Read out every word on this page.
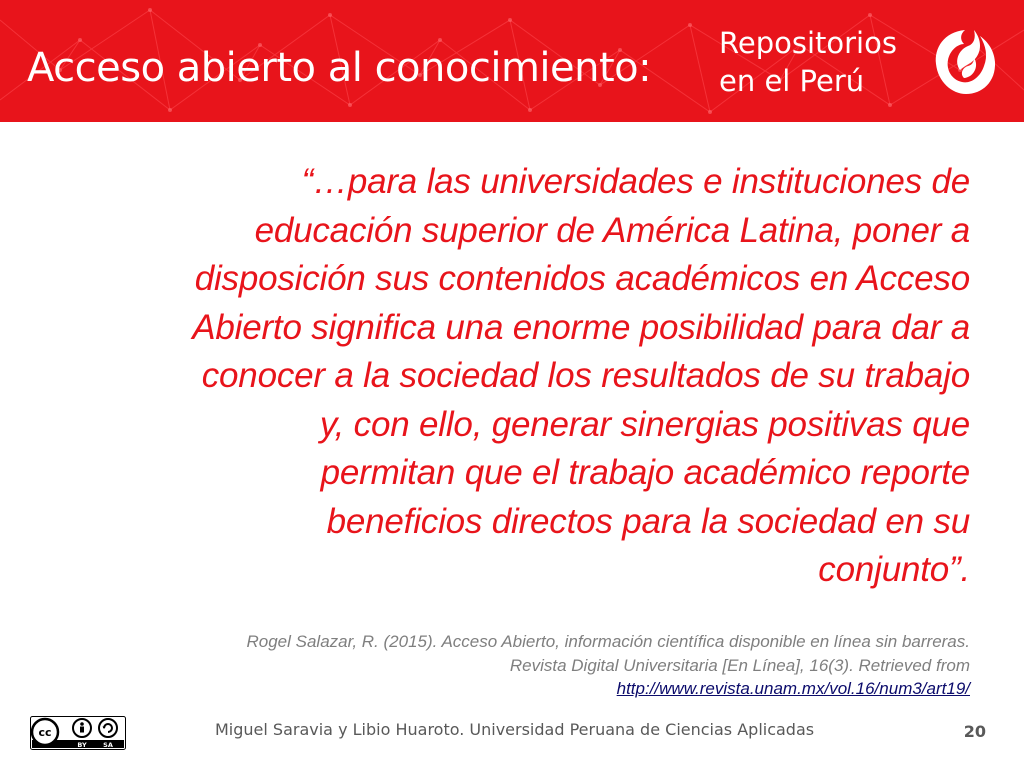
Acceso abierto al conocimiento:
Repositorios
en el Perú
“…para las universidades e instituciones de
educación superior de América Latina, poner a
disposición sus contenidos académicos en Acceso
Abierto significa una enorme posibilidad para dar a
conocer a la sociedad los resultados de su trabajo
y, con ello, generar sinergias positivas que
permitan que el trabajo académico reporte
beneficios directos para la sociedad en su
conjunto”.
Rogel Salazar, R. (2015). Acceso Abierto, información científica disponible en línea sin barreras.
Revista Digital Universitaria [En Línea], 16(3). Retrieved from
http://www.revista.unam.mx/vol.16/num3/art19/
cc
BY	SA
Miguel Saravia y Libio Huaroto. Universidad Peruana de Ciencias Aplicadas	20
